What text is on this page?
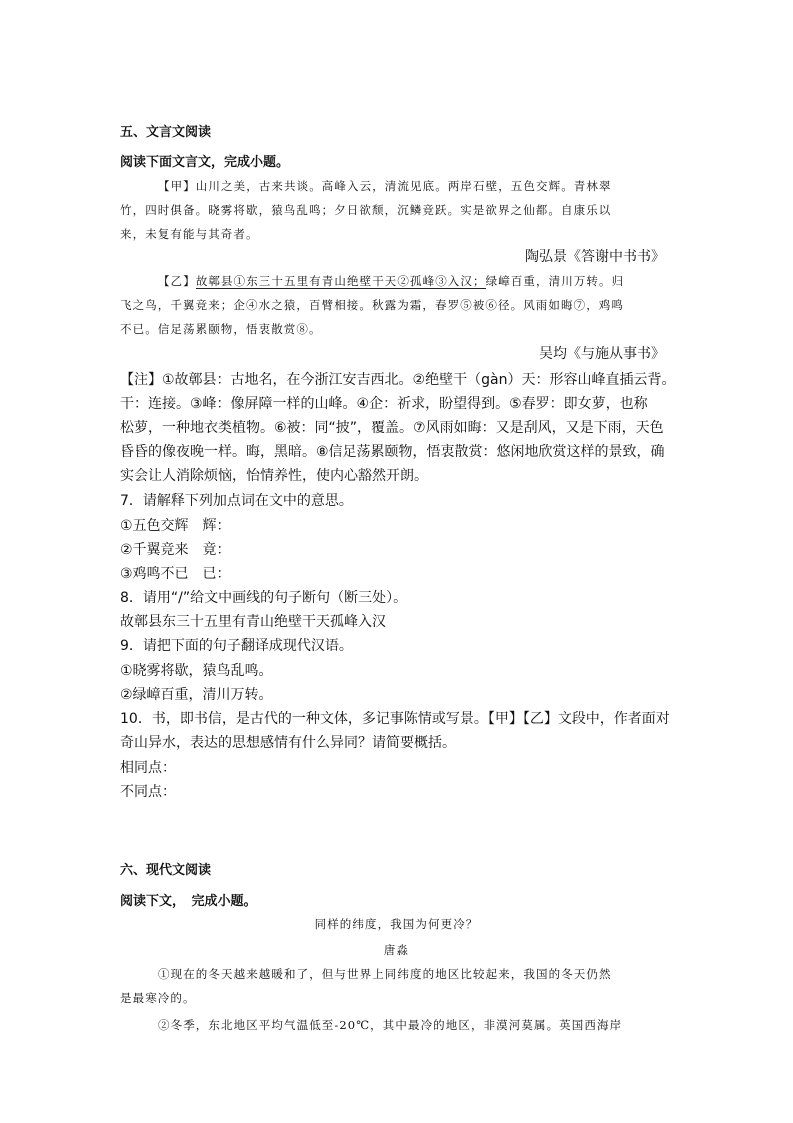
五、文言文阅读
阅读下面文言文，完成小题。
【甲】山川之美，古来共谈。高峰入云，清流见底。两岸石壁，五色交辉。青林翠
竹，四时俱备。晓雾将歇，猿鸟乱鸣；夕日欲颓，沉鳞竞跃。实是欲界之仙都。自康乐以
来，未复有能与其奇者。
陶弘景《答谢中书书》
【乙】故鄣县①东三十五里有青山绝壁干天②孤峰③入汉；绿嶂百重，清川万转。归
飞之鸟，千翼竞来；企④水之猿，百臂相接。秋露为霜，春罗⑤被⑥径。风雨如晦⑦，鸡鸣
不已。信足荡累颐物，悟衷散赏⑧。
吴均《与施从事书》
【注】①故鄣县：古地名，在今浙江安吉西北。②绝壁干（gàn）天：形容山峰直插云背。
干：连接。③峰：像屏障一样的山峰。④企：祈求，盼望得到。⑤春罗：即女萝，也称
松萝，一种地衣类植物。⑥被：同“披”，覆盖。⑦风雨如晦：又是刮风，又是下雨，天色
昏昏的像夜晚一样。晦，黑暗。⑧信足荡累颐物，悟衷散赏：悠闲地欣赏这样的景致，确
实会让人消除烦恼，怡情养性，使内心豁然开朗。
7．请解释下列加点词在文中的意思。
①五色交辉　辉：
②千翼竞来　竟：
③鸡鸣不已　已：
8．请用“/”给文中画线的句子断句（断三处）。
故鄣县东三十五里有青山绝壁干天孤峰入汉
9．请把下面的句子翻译成现代汉语。
①晓雾将歇，猿鸟乱鸣。
②绿嶂百重，清川万转。
10．书，即书信，是古代的一种文体，多记事陈情或写景。【甲】【乙】文段中，作者面对
奇山异水，表达的思想感情有什么异同？请简要概括。
相同点：
不同点：
六、现代文阅读
阅读下文，　完成小题。
同样的纬度，我国为何更冷？
唐淼
①现在的冬天越来越暖和了，但与世界上同纬度的地区比较起来，我国的冬天仍然
是最寒冷的。
②冬季，东北地区平均气温低至-20℃，其中最冷的地区，非漠河莫属。英国西海岸
